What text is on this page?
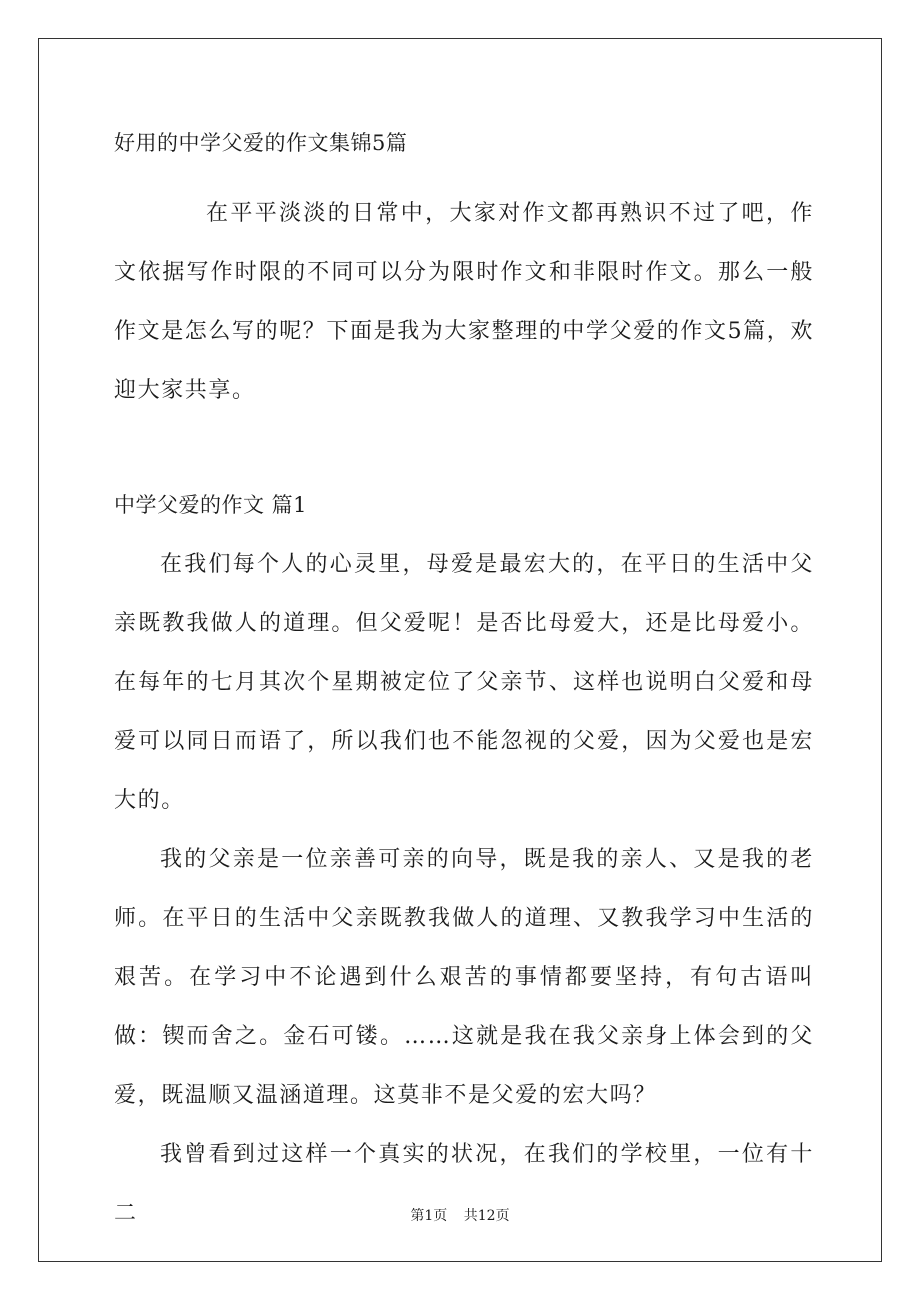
好用的中学父爱的作文集锦5篇

在平平淡淡的日常中，大家对作文都再熟识不过了吧，作文依据写作时限的不同可以分为限时作文和非限时作文。那么一般作文是怎么写的呢？下面是我为大家整理的中学父爱的作文5篇，欢迎大家共享。

中学父爱的作文 篇1

在我们每个人的心灵里，母爱是最宏大的，在平日的生活中父亲既教我做人的道理。但父爱呢！是否比母爱大，还是比母爱小。在每年的七月其次个星期被定位了父亲节、这样也说明白父爱和母爱可以同日而语了，所以我们也不能忽视的父爱，因为父爱也是宏大的。

我的父亲是一位亲善可亲的向导，既是我的亲人、又是我的老师。在平日的生活中父亲既教我做人的道理、又教我学习中生活的艰苦。在学习中不论遇到什么艰苦的事情都要坚持，有句古语叫做：锲而舍之。金石可镂。……这就是我在我父亲身上体会到的父爱，既温顺又温涵道理。这莫非不是父爱的宏大吗？

我曾看到过这样一个真实的状况，在我们的学校里，一位有十二	第1页 共12页
